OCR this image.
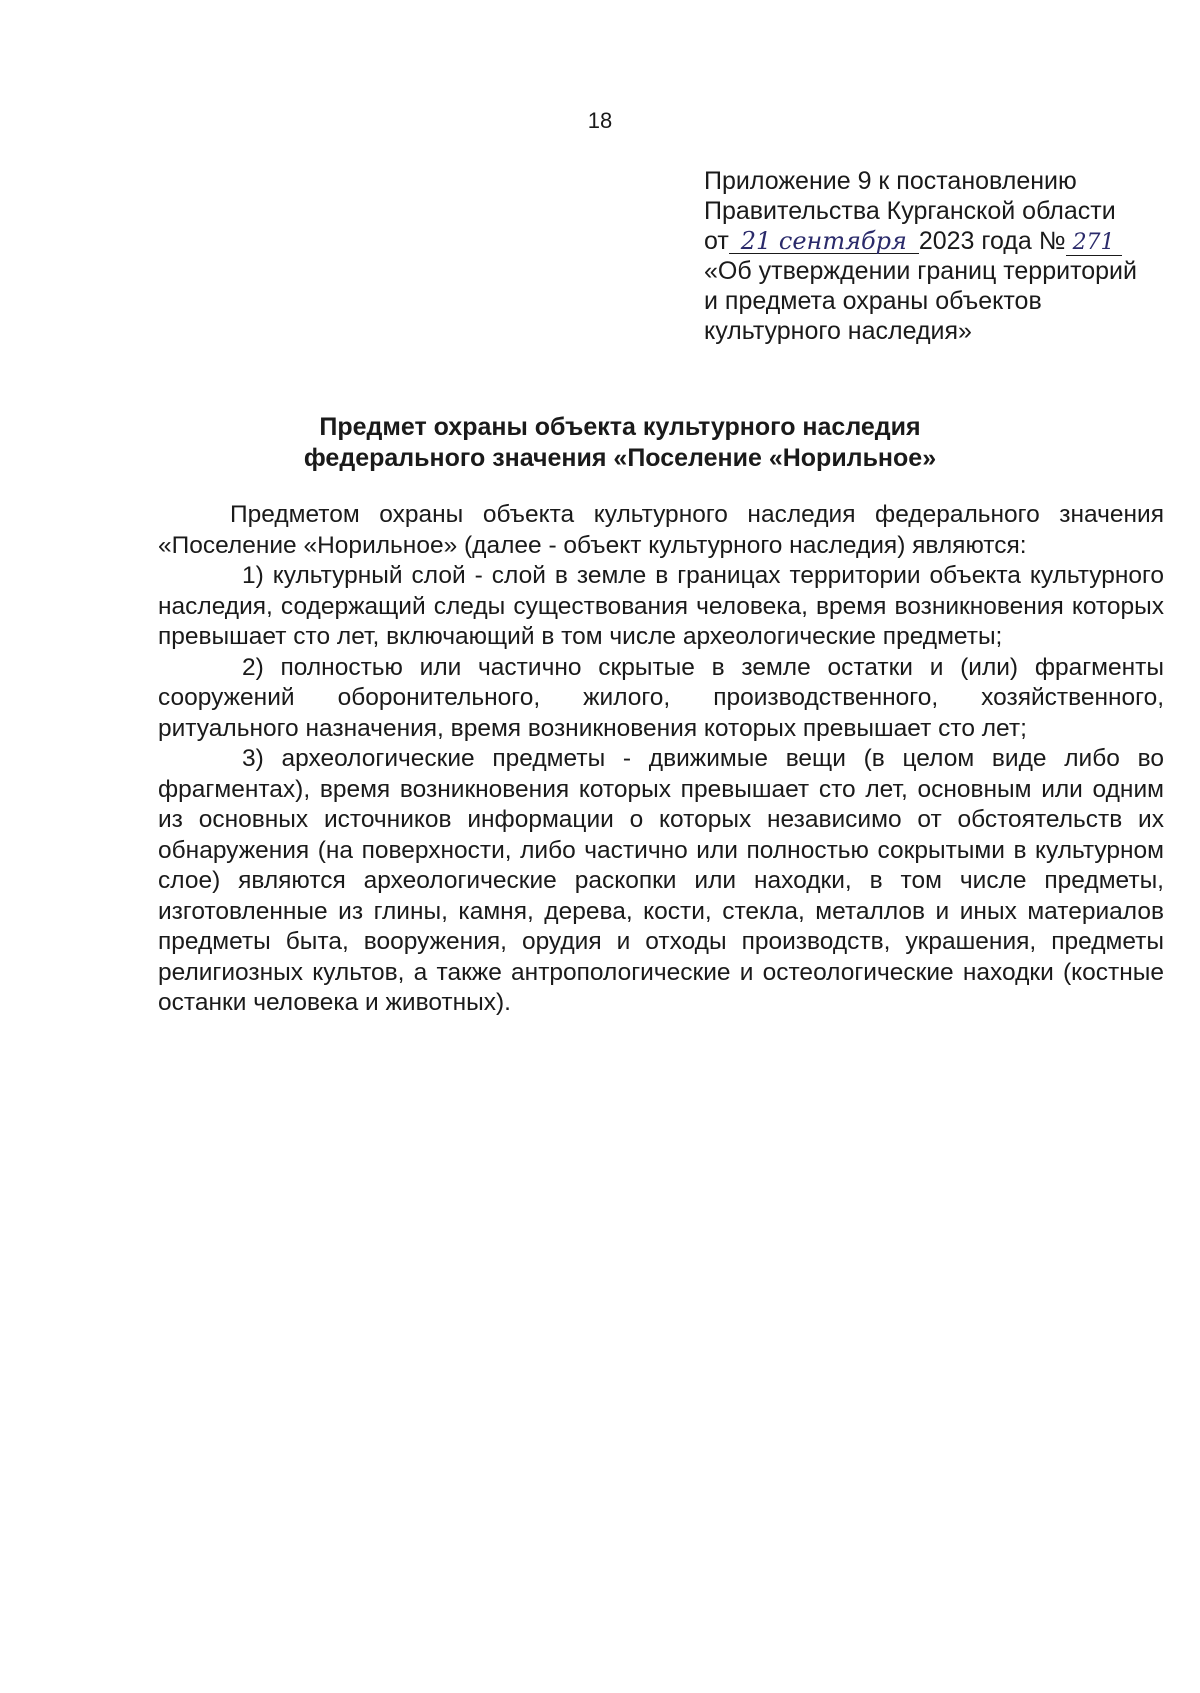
18
Приложение 9 к постановлению
Правительства Курганской области
от 21 сентября 2023 года № 271
«Об утверждении границ территорий
и предмета охраны объектов
культурного наследия»
Предмет охраны объекта культурного наследия
федерального значения «Поселение «Норильное»

Предметом охраны объекта культурного наследия федерального значения «Поселение «Норильное» (далее - объект культурного наследия) являются:

1) культурный слой - слой в земле в границах территории объекта культурного наследия, содержащий следы существования человека, время возникновения которых превышает сто лет, включающий в том числе археологические предметы;

2) полностью или частично скрытые в земле остатки и (или) фрагменты сооружений оборонительного, жилого, производственного, хозяйственного, ритуального назначения, время возникновения которых превышает сто лет;

3) археологические предметы - движимые вещи (в целом виде либо во фрагментах), время возникновения которых превышает сто лет, основным или одним из основных источников информации о которых независимо от обстоятельств их обнаружения (на поверхности, либо частично или полностью сокрытыми в культурном слое) являются археологические раскопки или находки, в том числе предметы, изготовленные из глины, камня, дерева, кости, стекла, металлов и иных материалов предметы быта, вооружения, орудия и отходы производств, украшения, предметы религиозных культов, а также антропологические и остеологические находки (костные останки человека и животных).
